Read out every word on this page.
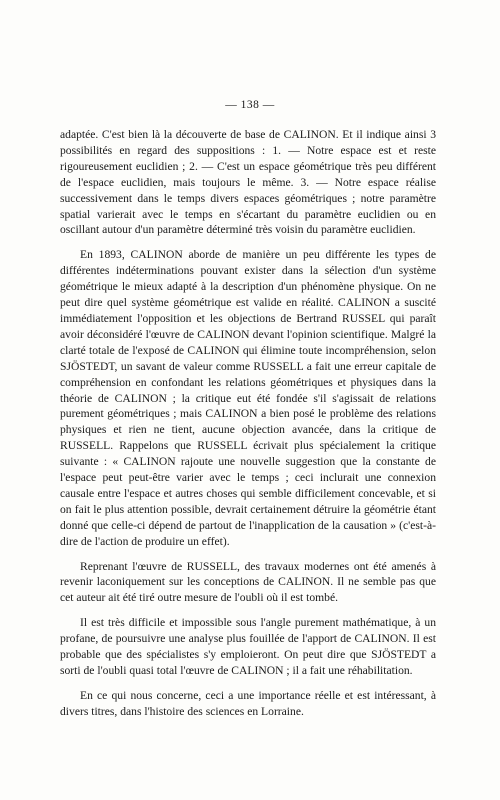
— 138 —

adaptée. C'est bien là la découverte de base de CALINON. Et il indique ainsi 3 possibilités en regard des suppositions : 1. — Notre espace est et reste rigoureusement euclidien ; 2. — C'est un espace géométrique très peu différent de l'espace euclidien, mais toujours le même. 3. — Notre espace réalise successivement dans le temps divers espaces géométriques ; notre paramètre spatial varierait avec le temps en s'écartant du paramètre euclidien ou en oscillant autour d'un paramètre déterminé très voisin du paramètre euclidien.

En 1893, CALINON aborde de manière un peu différente les types de différentes indéterminations pouvant exister dans la sélection d'un système géométrique le mieux adapté à la description d'un phénomène physique. On ne peut dire quel système géométrique est valide en réalité. CALINON a suscité immédiatement l'opposition et les objections de Bertrand RUSSEL qui paraît avoir déconsidéré l'œuvre de CALINON devant l'opinion scientifique. Malgré la clarté totale de l'exposé de CALINON qui élimine toute incompréhension, selon SJÖSTEDT, un savant de valeur comme RUSSELL a fait une erreur capitale de compréhension en confondant les relations géométriques et physiques dans la théorie de CALINON ; la critique eut été fondée s'il s'agissait de relations purement géométriques ; mais CALINON a bien posé le problème des relations physiques et rien ne tient, aucune objection avancée, dans la critique de RUSSELL. Rappelons que RUSSELL écrivait plus spécialement la critique suivante : « CALINON rajoute une nouvelle suggestion que la constante de l'espace peut peut-être varier avec le temps ; ceci inclurait une connexion causale entre l'espace et autres choses qui semble difficilement concevable, et si on fait le plus attention possible, devrait certainement détruire la géométrie étant donné que celle-ci dépend de partout de l'inapplication de la causation » (c'est-à-dire de l'action de produire un effet).

Reprenant l'œuvre de RUSSELL, des travaux modernes ont été amenés à revenir laconiquement sur les conceptions de CALINON. Il ne semble pas que cet auteur ait été tiré outre mesure de l'oubli où il est tombé.

Il est très difficile et impossible sous l'angle purement mathématique, à un profane, de poursuivre une analyse plus fouillée de l'apport de CALINON. Il est probable que des spécialistes s'y emploieront. On peut dire que SJÖSTEDT a sorti de l'oubli quasi total l'œuvre de CALINON ; il a fait une réhabilitation.

En ce qui nous concerne, ceci a une importance réelle et est intéressant, à divers titres, dans l'histoire des sciences en Lorraine.
